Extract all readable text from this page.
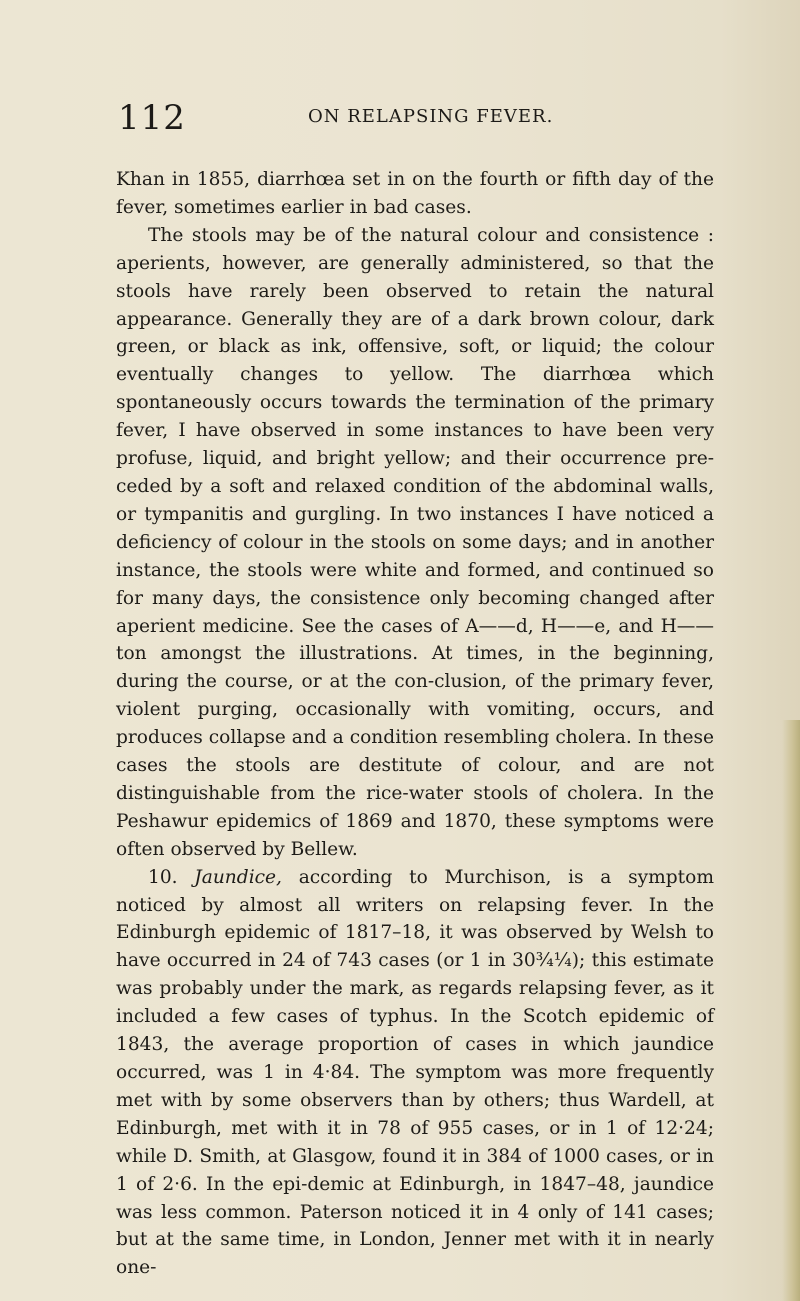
112	ON RELAPSING FEVER.

Khan in 1855, diarrhœa set in on the fourth or fifth day of the fever, sometimes earlier in bad cases.

The stools may be of the natural colour and consistence : aperients, however, are generally administered, so that the stools have rarely been observed to retain the natural appearance. Generally they are of a dark brown colour, dark green, or black as ink, offensive, soft, or liquid; the colour eventually changes to yellow. The diarrhœa which spontaneously occurs towards the termination of the primary fever, I have observed in some instances to have been very profuse, liquid, and bright yellow; and their occurrence pre-ceded by a soft and relaxed condition of the abdominal walls, or tympanitis and gurgling. In two instances I have noticed a deficiency of colour in the stools on some days; and in another instance, the stools were white and formed, and continued so for many days, the consistence only becoming changed after aperient medicine. See the cases of A——d, H——e, and H——ton amongst the illustrations. At times, in the beginning, during the course, or at the con-clusion, of the primary fever, violent purging, occasionally with vomiting, occurs, and produces collapse and a condition resembling cholera. In these cases the stools are destitute of colour, and are not distinguishable from the rice-water stools of cholera. In the Peshawur epidemics of 1869 and 1870, these symptoms were often observed by Bellew.

10. Jaundice, according to Murchison, is a symptom noticed by almost all writers on relapsing fever. In the Edinburgh epidemic of 1817–18, it was observed by Welsh to have occurred in 24 of 743 cases (or 1 in 30¾¼); this estimate was probably under the mark, as regards relapsing fever, as it included a few cases of typhus. In the Scotch epidemic of 1843, the average proportion of cases in which jaundice occurred, was 1 in 4·84. The symptom was more frequently met with by some observers than by others; thus Wardell, at Edinburgh, met with it in 78 of 955 cases, or in 1 of 12·24; while D. Smith, at Glasgow, found it in 384 of 1000 cases, or in 1 of 2·6. In the epi-demic at Edinburgh, in 1847–48, jaundice was less common. Paterson noticed it in 4 only of 141 cases; but at the same time, in London, Jenner met with it in nearly one-
